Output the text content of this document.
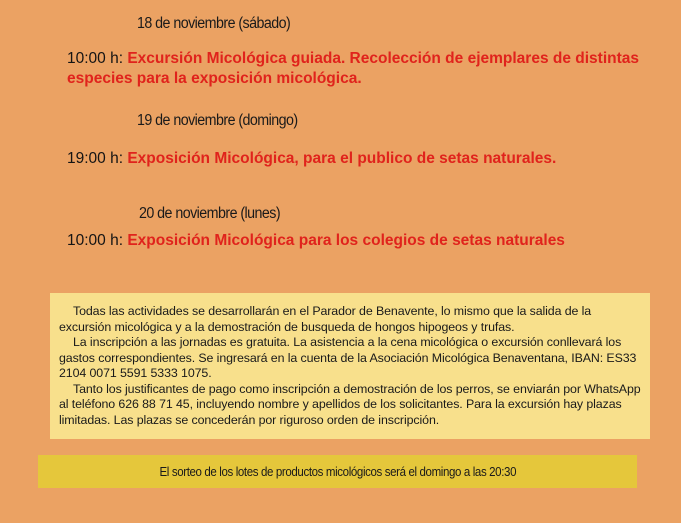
18 de noviembre (sábado)
10:00 h: Excursión Micológica guiada. Recolección de ejemplares de distintas especies para la exposición micológica.
19 de noviembre (domingo)
19:00 h: Exposición Micológica, para el publico de setas naturales.
20 de noviembre (lunes)
10:00 h: Exposición Micológica para los colegios de setas naturales

Todas las actividades se desarrollarán en el Parador de Benavente, lo mismo que la salida de la excursión micológica y a la demostración de busqueda de hongos hipogeos y trufas.

La inscripción a las jornadas es gratuita. La asistencia a la cena micológica o excursión conllevará los gastos correspondientes. Se ingresará en la cuenta de la Asociación Micológica Benaventana, IBAN: ES33 2104 0071 5591 5333 1075.

Tanto los justificantes de pago como inscripción a demostración de los perros, se enviarán por WhatsApp al teléfono 626 88 71 45, incluyendo nombre y apellidos de los solicitantes. Para la excursión hay plazas limitadas. Las plazas se concederán por riguroso orden de inscripción.

El sorteo de los lotes de productos micológicos será el domingo a las 20:30
